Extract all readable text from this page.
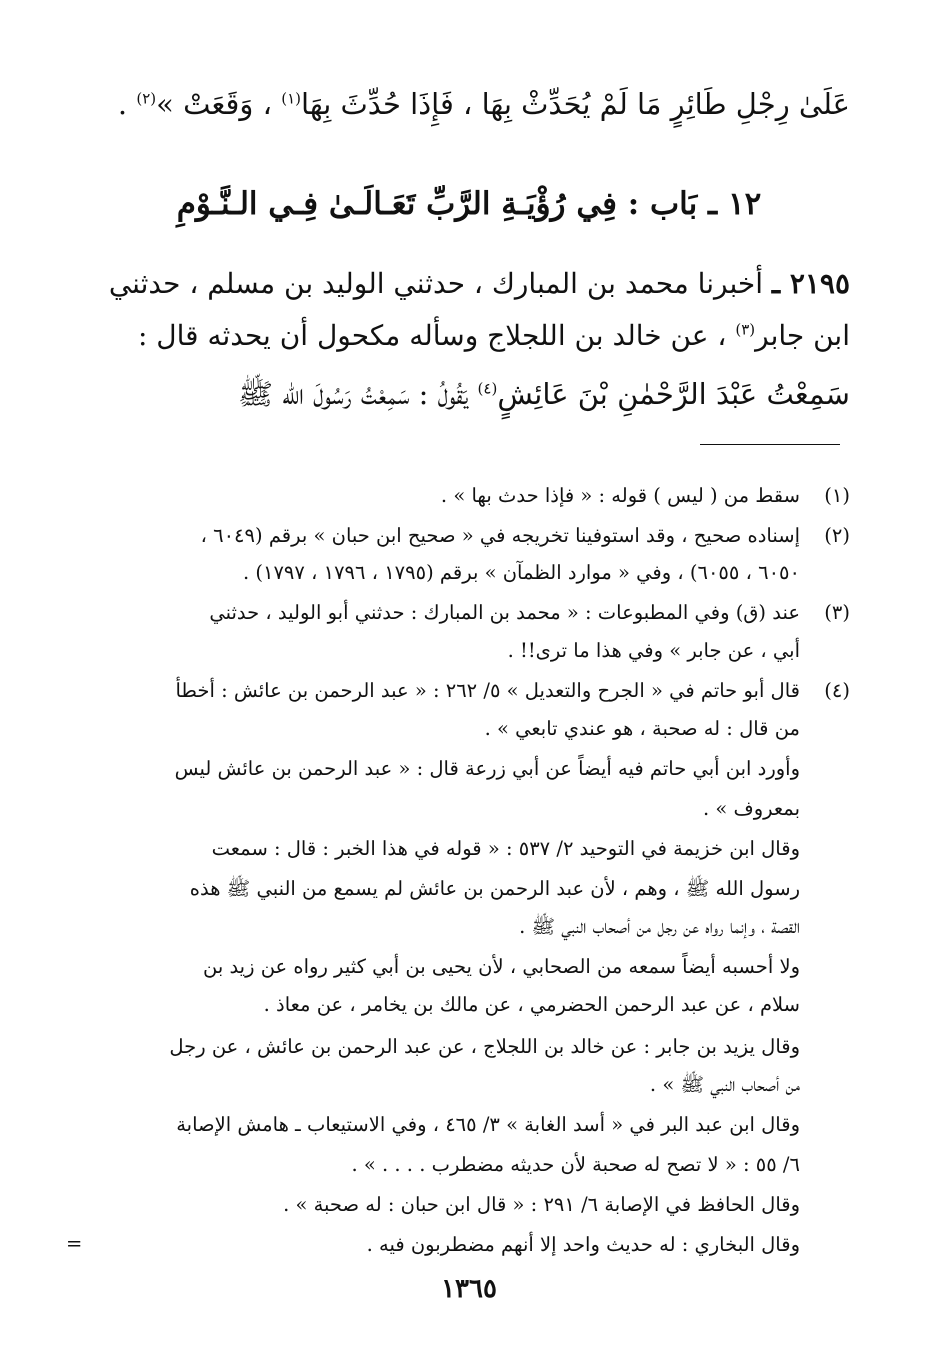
عَلَىٰ رِجْلِ طَائِرٍ مَا لَمْ يُحَدِّثْ بِهَا ، فَإِذَا حُدِّثَ بِهَا$^{(١)}$ ، وَقَعَتْ »$^{(٢)}$ .
١٢ ـ بَاب : فِي رُؤْيَـةِ الرَّبِّ تَعَـالَـىٰ فِـي الـنَّـوْمِ
٢١٩٥ ـ أخبرنا محمد بن المبارك ، حدثني الوليد بن مسلم ، حدثني
ابن جابر$^{(٣)}$ ، عن خالد بن اللجلاج وسأله مكحول أن يحدثه قال :
سَمِعْتُ عَبْدَ الرَّحْمٰنِ بْنَ عَائِشٍ$^{(٤)}$ يَقُولُ : سَمِعْتُ رَسُولَ الله ﷺ
(١)
سقط من ( ليس ) قوله : « فإذا حدث بها » .
(٢)
إسناده صحيح ، وقد استوفينا تخريجه في « صحيح ابن حبان » برقم (٦٠٤٩ ،
٦٠٥٠ ، ٦٠٥٥) ، وفي « موارد الظمآن » برقم (١٧٩٥ ، ١٧٩٦ ، ١٧٩٧) .
(٣)
عند (ق) وفي المطبوعات : « محمد بن المبارك : حدثني أبو الوليد ، حدثني
أبي ، عن جابر » وفي هذا ما ترى!! .
(٤)
قال أبو حاتم في « الجرح والتعديل » ٥/ ٢٦٢ : « عبد الرحمن بن عائش : أخطأ
من قال : له صحبة ، هو عندي تابعي » .
وأورد ابن أبي حاتم فيه أيضاً عن أبي زرعة قال : « عبد الرحمن بن عائش ليس
بمعروف » .
وقال ابن خزيمة في التوحيد ٢/ ٥٣٧ : « قوله في هذا الخبر : قال : سمعت
رسول الله ﷺ ، وهم ، لأن عبد الرحمن بن عائش لم يسمع من النبي ﷺ هذه
القصة ، وإنما رواه عن رجل من أصحاب النبي ﷺ .
ولا أحسبه أيضاً سمعه من الصحابي ، لأن يحيى بن أبي كثير رواه عن زيد بن
سلام ، عن عبد الرحمن الحضرمي ، عن مالك بن يخامر ، عن معاذ .
وقال يزيد بن جابر : عن خالد بن اللجلاج ، عن عبد الرحمن بن عائش ، عن رجل
من أصحاب النبي ﷺ » .
وقال ابن عبد البر في « أسد الغابة » ٣/ ٤٦٥ ، وفي الاستيعاب ـ هامش الإصابة
٦/ ٥٥ : « لا تصح له صحبة لأن حديثه مضطرب . . . . » .
وقال الحافظ في الإصابة ٦/ ٢٩١ : « قال ابن حبان : له صحبة » .
وقال البخاري : له حديث واحد إلا أنهم مضطربون فيه .
=
١٣٦٥
